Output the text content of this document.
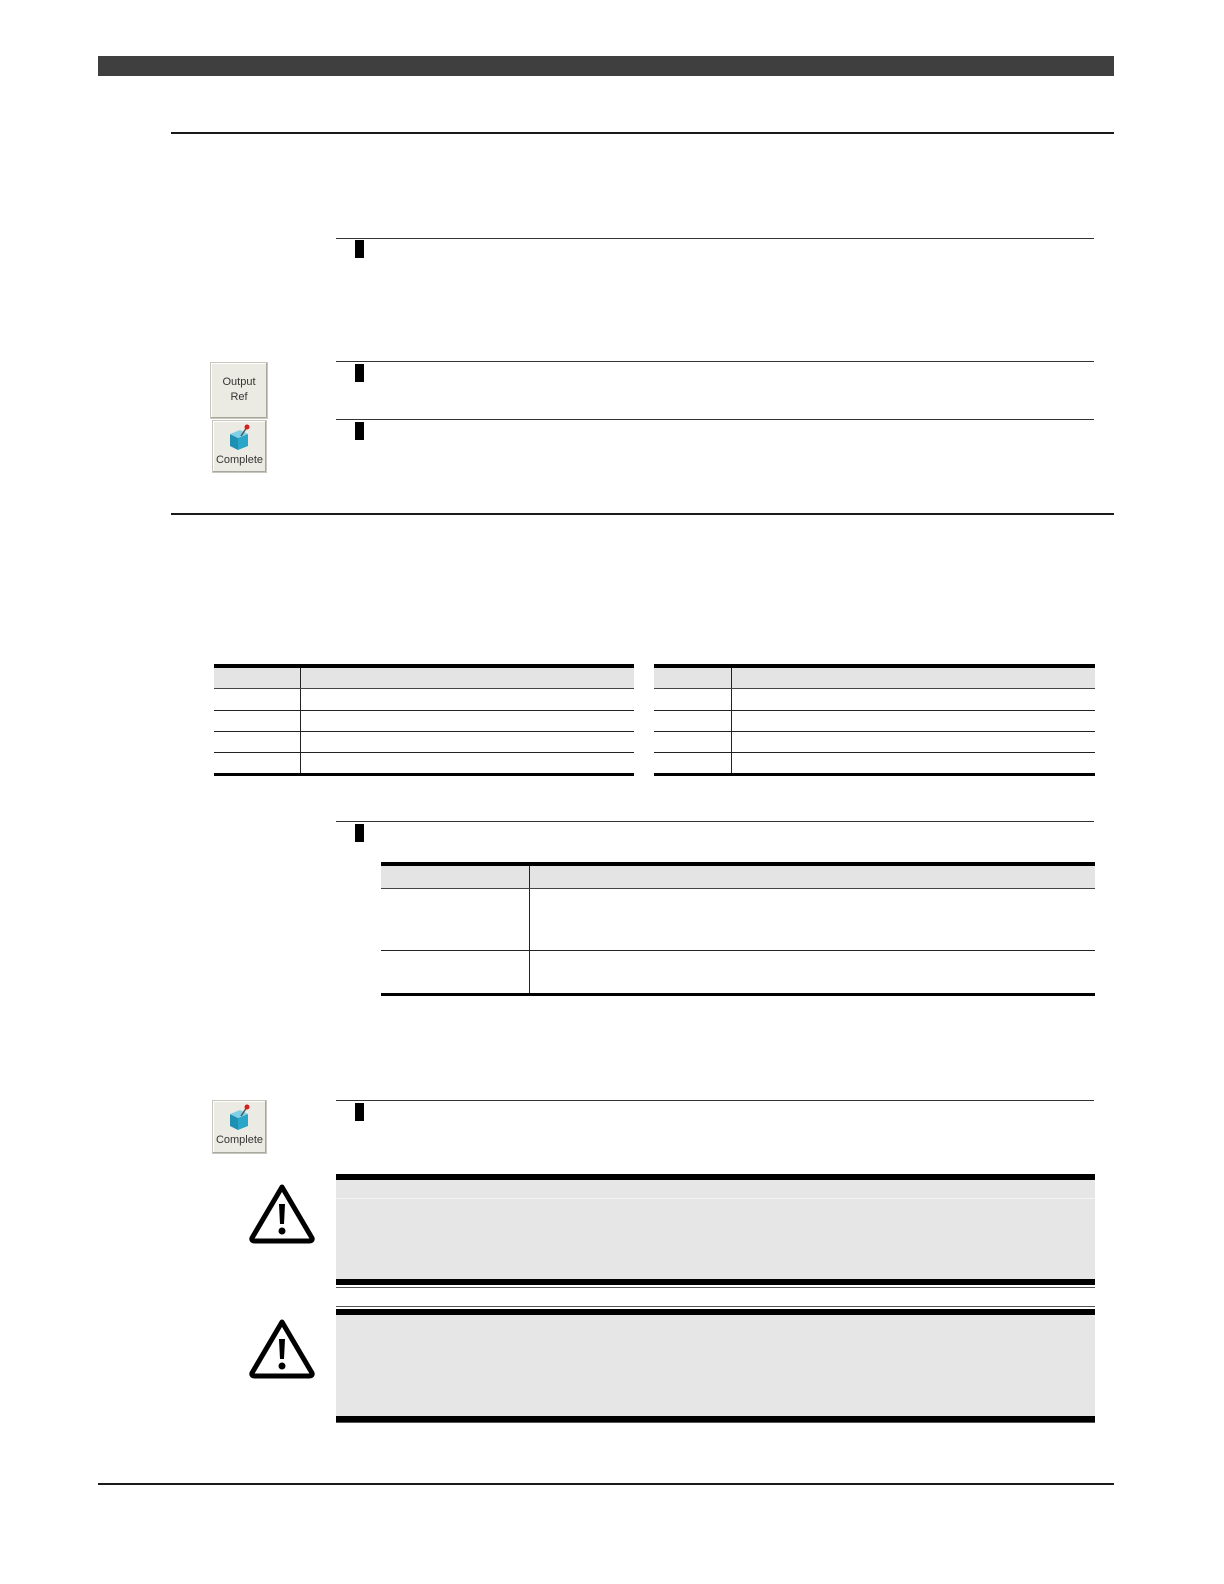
Output
Ref
Complete

Complete
